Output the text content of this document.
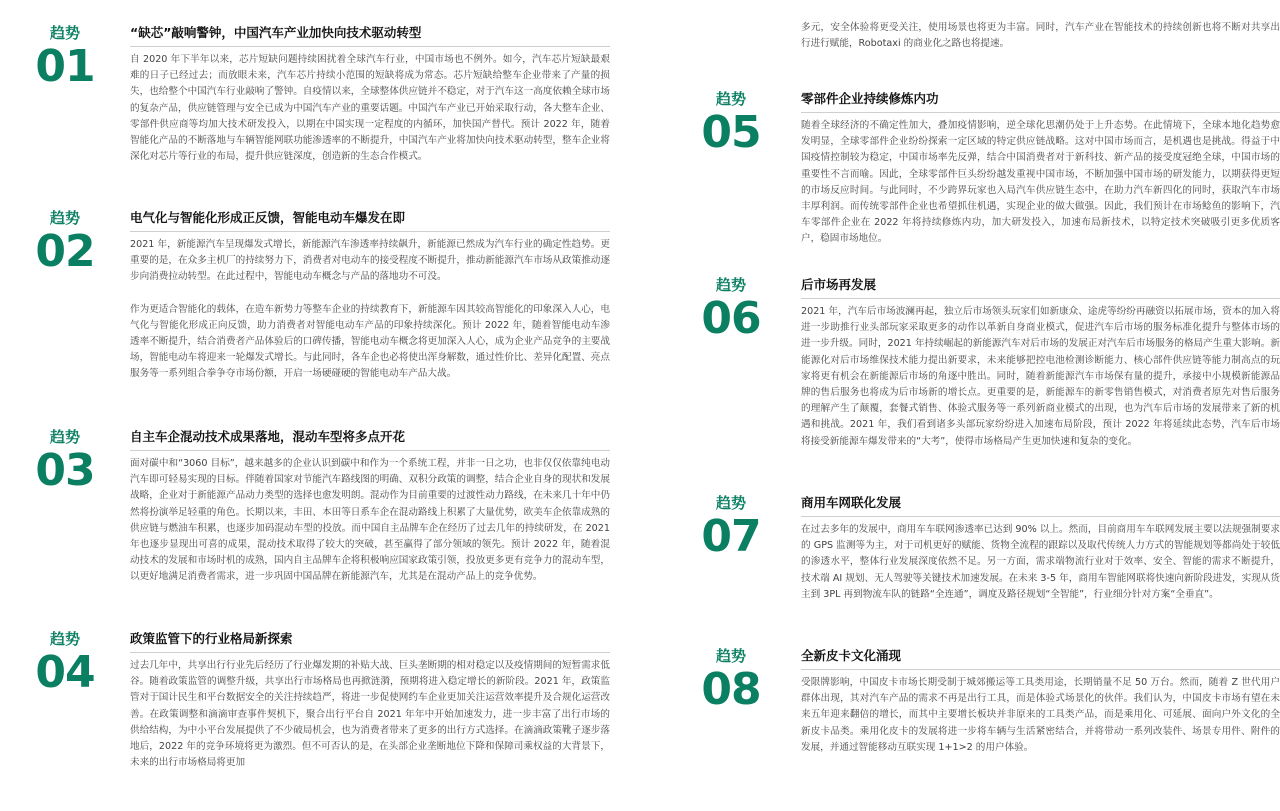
趋势
01
“缺芯”敲响警钟，中国汽车产业加快向技术驱动转型

自 2020 年下半年以来，芯片短缺问题持续困扰着全球汽车行业，中国市场也不例外。如今，汽车芯片短缺最艰难的日子已经过去；而放眼未来，汽车芯片持续小范围的短缺将成为常态。芯片短缺给整车企业带来了产量的损失，也给整个中国汽车行业敲响了警钟。自疫情以来，全球整体供应链并不稳定，对于汽车这一高度依赖全球市场的复杂产品，供应链管理与安全已成为中国汽车产业的重要话题。中国汽车产业已开始采取行动，各大整车企业、零部件供应商等均加大技术研发投入，以期在中国实现一定程度的内循环，加快国产替代。预计 2022 年，随着智能化产品的不断落地与车辆智能网联功能渗透率的不断提升，中国汽车产业将加快向技术驱动转型，整车企业将深化对芯片等行业的布局，提升供应链深度，创造新的生态合作模式。

趋势
02
电气化与智能化形成正反馈，智能电动车爆发在即

2021 年，新能源汽车呈现爆发式增长，新能源汽车渗透率持续飙升，新能源已然成为汽车行业的确定性趋势。更重要的是，在众多主机厂的持续努力下，消费者对电动车的接受程度不断提升，推动新能源汽车市场从政策推动逐步向消费拉动转型。在此过程中，智能电动车概念与产品的落地功不可没。

作为更适合智能化的载体，在造车新势力等整车企业的持续教育下，新能源车因其较高智能化的印象深入人心，电气化与智能化形成正向反馈，助力消费者对智能电动车产品的印象持续深化。预计 2022 年，随着智能电动车渗透率不断提升，结合消费者产品体验后的口碑传播，智能电动车概念将更加深入人心，成为企业产品竞争的主要战场，智能电动车将迎来一轮爆发式增长。与此同时，各车企也必将使出浑身解数，通过性价比、差异化配置、亮点服务等一系列组合拳争夺市场份额，开启一场硬碰硬的智能电动车产品大战。

趋势
03
自主车企混动技术成果落地，混动车型将多点开花

面对碳中和“3060 目标”，越来越多的企业认识到碳中和作为一个系统工程，并非一日之功，也非仅仅依靠纯电动汽车即可轻易实现的目标。伴随着国家对节能汽车路线图的明确、双积分政策的调整，结合企业自身的现状和发展战略，企业对于新能源产品动力类型的选择也愈发明朗。混动作为目前重要的过渡性动力路线，在未来几十年中仍然将扮演举足轻重的角色。长期以来，丰田、本田等日系车企在混动路线上积累了大量优势，欧美车企依靠成熟的供应链与燃油车积累，也逐步加码混动车型的投放。而中国自主品牌车企在经历了过去几年的持续研发，在 2021 年也逐步显现出可喜的成果，混动技术取得了较大的突破，甚至赢得了部分领域的领先。预计 2022 年，随着混动技术的发展和市场时机的成熟，国内自主品牌车企将积极响应国家政策引领，投放更多更有竞争力的混动车型，以更好地满足消费者需求，进一步巩固中国品牌在新能源汽车，尤其是在混动产品上的竞争优势。

趋势
04
政策监管下的行业格局新探索

过去几年中，共享出行行业先后经历了行业爆发期的补贴大战、巨头垄断期的相对稳定以及疫情期间的短暂需求低谷。随着政策监管的调整升级，共享出行市场格局也再掀涟漪，预期将进入稳定增长的新阶段。2021 年，政策监管对于国计民生和平台数据安全的关注持续趋严，将进一步促使网约车企业更加关注运营效率提升及合规化运营改善。在政策调整和滴滴审查事件契机下，聚合出行平台自 2021 年年中开始加速发力，进一步丰富了出行市场的供给结构，为中小平台发展提供了不少破局机会，也为消费者带来了更多的出行方式选择。在滴滴政策靴子逐步落地后，2022 年的竞争环境将更为激烈。但不可否认的是，在头部企业垄断地位下降和保障司乘权益的大背景下，未来的出行市场格局将更加

多元，安全体验将更受关注，使用场景也将更为丰富。同时，汽车产业在智能技术的持续创新也将不断对共享出行进行赋能，Robotaxi 的商业化之路也将提速。

趋势
05
零部件企业持续修炼内功

随着全球经济的不确定性加大，叠加疫情影响，逆全球化思潮仍处于上升态势。在此情境下，全球本地化趋势愈发明显，全球零部件企业纷纷探索一定区域的特定供应链战略。这对中国市场而言，是机遇也是挑战。得益于中国疫情控制较为稳定，中国市场率先反弹，结合中国消费者对于新科技、新产品的接受度冠绝全球，中国市场的重要性不言而喻。因此，全球零部件巨头纷纷越发重视中国市场，不断加强中国市场的研发能力，以期获得更短的市场反应时间。与此同时，不少跨界玩家也入局汽车供应链生态中，在助力汽车新四化的同时，获取汽车市场丰厚利润。而传统零部件企业也希望抓住机遇，实现企业的做大做强。因此，我们预计在市场鲶鱼的影响下，汽车零部件企业在 2022 年将持续修炼内功，加大研发投入，加速布局新技术，以特定技术突破吸引更多优质客户，稳固市场地位。

趋势
06
后市场再发展

2021 年，汽车后市场波澜再起，独立后市场领头玩家们如新康众、途虎等纷纷再融资以拓展市场，资本的加入将进一步助推行业头部玩家采取更多的动作以革新自身商业模式，促进汽车后市场的服务标准化提升与整体市场的进一步升级。同时，2021 年持续崛起的新能源汽车对后市场的发展正对汽车后市场服务的格局产生重大影响。新能源化对后市场维保技术能力提出新要求，未来能够把控电池检测诊断能力、核心部件供应链等能力制高点的玩家将更有机会在新能源后市场的角逐中胜出。同时，随着新能源汽车市场保有量的提升，承接中小规模新能源品牌的售后服务也将成为后市场新的增长点。更重要的是，新能源车的新零售销售模式，对消费者原先对售后服务的理解产生了颠覆，套餐式销售、体验式服务等一系列新商业模式的出现，也为汽车后市场的发展带来了新的机遇和挑战。2021 年，我们看到诸多头部玩家纷纷进入加速布局阶段，预计 2022 年将延续此态势，汽车后市场将接受新能源车爆发带来的“大考”，使得市场格局产生更加快速和复杂的变化。

趋势
07
商用车网联化发展

在过去多年的发展中，商用车车联网渗透率已达到 90% 以上。然而，目前商用车车联网发展主要以法规强制要求的 GPS 监测等为主，对于司机更好的赋能、货物全流程的跟踪以及取代传统人力方式的智能规划等都尚处于较低的渗透水平，整体行业发展深度依然不足。另一方面，需求端物流行业对于效率、安全、智能的需求不断提升，技术端 AI 规划、无人驾驶等关键技术加速发展。在未来 3-5 年，商用车智能网联将快速向新阶段进发，实现从货主到 3PL 再到物流车队的链路“全连通”，调度及路径规划“全智能”，行业细分针对方案“全垂直”。

趋势
08
全新皮卡文化涌现

受限牌影响，中国皮卡市场长期受制于城郊搬运等工具类用途，长期销量不足 50 万台。然而，随着 Z 世代用户群体出现，其对汽车产品的需求不再是出行工具，而是体验式场景化的伙伴。我们认为，中国皮卡市场有望在未来五年迎来翻倍的增长，而其中主要增长板块并非原来的工具类产品，而是乘用化、可延展、面向户外文化的全新皮卡品类。乘用化皮卡的发展将进一步将车辆与生活紧密结合，并将带动一系列改装件、场景专用件、附件的发展，并通过智能移动互联实现 1+1>2 的用户体验。
